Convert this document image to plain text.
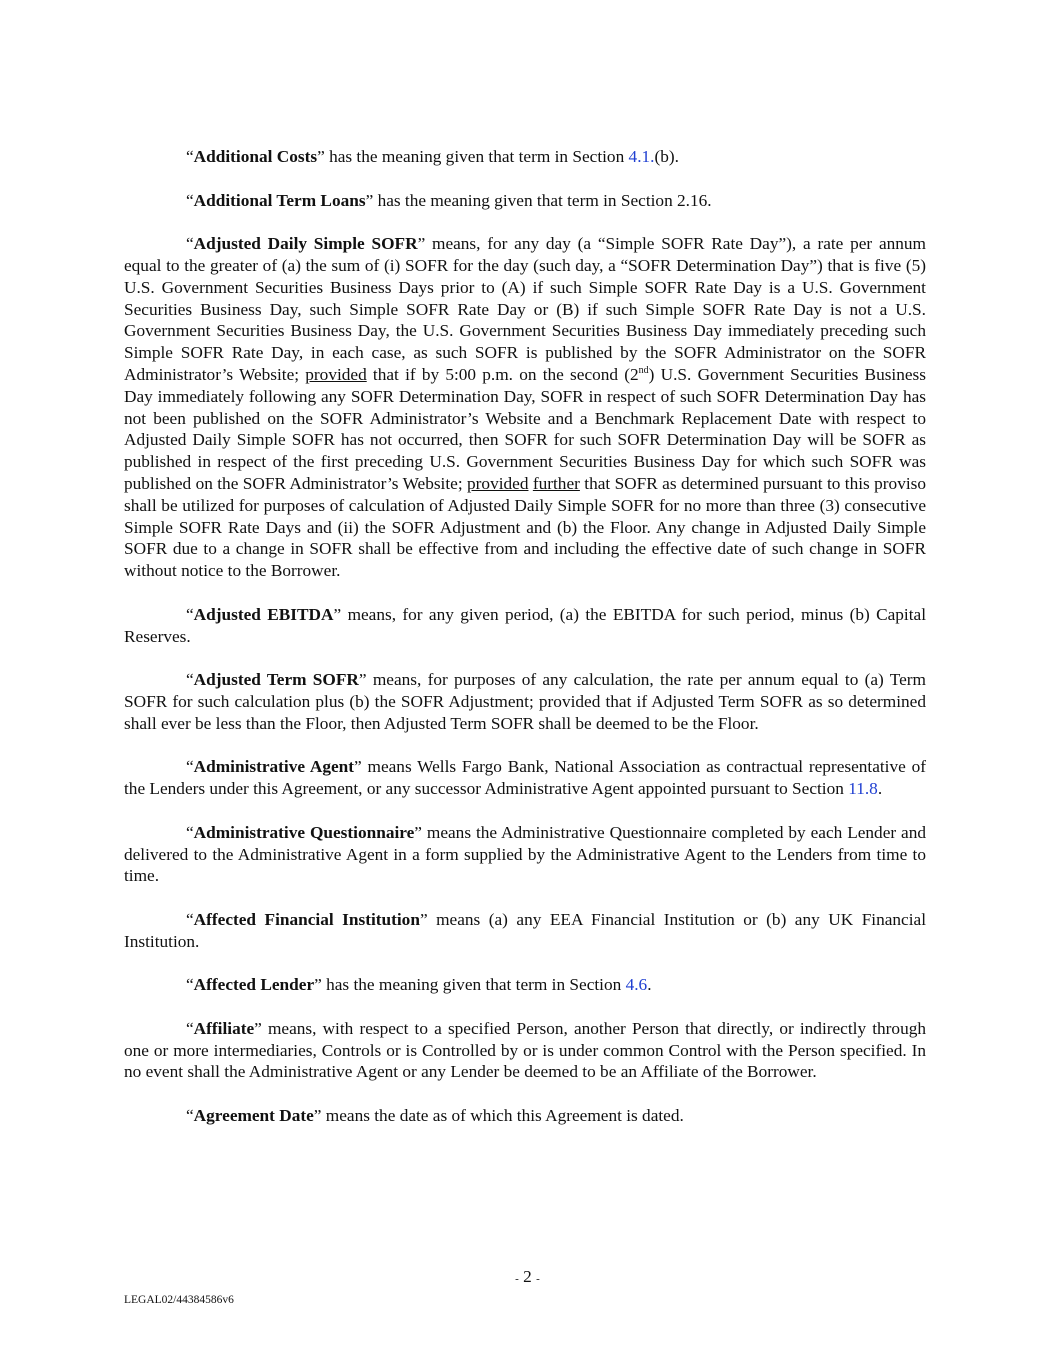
“Additional Costs” has the meaning given that term in Section 4.1.(b).

“Additional Term Loans” has the meaning given that term in Section 2.16.

“Adjusted Daily Simple SOFR” means, for any day (a “Simple SOFR Rate Day”), a rate per annum equal to the greater of (a) the sum of (i) SOFR for the day (such day, a “SOFR Determination Day”) that is five (5) U.S. Government Securities Business Days prior to (A) if such Simple SOFR Rate Day is a U.S. Government Securities Business Day, such Simple SOFR Rate Day or (B) if such Simple SOFR Rate Day is not a U.S. Government Securities Business Day, the U.S. Government Securities Business Day immediately preceding such Simple SOFR Rate Day, in each case, as such SOFR is published by the SOFR Administrator on the SOFR Administrator’s Website; provided that if by 5:00 p.m. on the second (2nd) U.S. Government Securities Business Day immediately following any SOFR Determination Day, SOFR in respect of such SOFR Determination Day has not been published on the SOFR Administrator’s Website and a Benchmark Replacement Date with respect to Adjusted Daily Simple SOFR has not occurred, then SOFR for such SOFR Determination Day will be SOFR as published in respect of the first preceding U.S. Government Securities Business Day for which such SOFR was published on the SOFR Administrator’s Website; provided further that SOFR as determined pursuant to this proviso shall be utilized for purposes of calculation of Adjusted Daily Simple SOFR for no more than three (3) consecutive Simple SOFR Rate Days and (ii) the SOFR Adjustment and (b) the Floor. Any change in Adjusted Daily Simple SOFR due to a change in SOFR shall be effective from and including the effective date of such change in SOFR without notice to the Borrower.

“Adjusted EBITDA” means, for any given period, (a) the EBITDA for such period, minus (b) Capital Reserves.

“Adjusted Term SOFR” means, for purposes of any calculation, the rate per annum equal to (a) Term SOFR for such calculation plus (b) the SOFR Adjustment; provided that if Adjusted Term SOFR as so determined shall ever be less than the Floor, then Adjusted Term SOFR shall be deemed to be the Floor.

“Administrative Agent” means Wells Fargo Bank, National Association as contractual representative of the Lenders under this Agreement, or any successor Administrative Agent appointed pursuant to Section 11.8.

“Administrative Questionnaire” means the Administrative Questionnaire completed by each Lender and delivered to the Administrative Agent in a form supplied by the Administrative Agent to the Lenders from time to time.

“Affected Financial Institution” means (a) any EEA Financial Institution or (b) any UK Financial Institution.

“Affected Lender” has the meaning given that term in Section 4.6.

“Affiliate” means, with respect to a specified Person, another Person that directly, or indirectly through one or more intermediaries, Controls or is Controlled by or is under common Control with the Person specified. In no event shall the Administrative Agent or any Lender be deemed to be an Affiliate of the Borrower.

“Agreement Date” means the date as of which this Agreement is dated.

- 2 -
LEGAL02/44384586v6
